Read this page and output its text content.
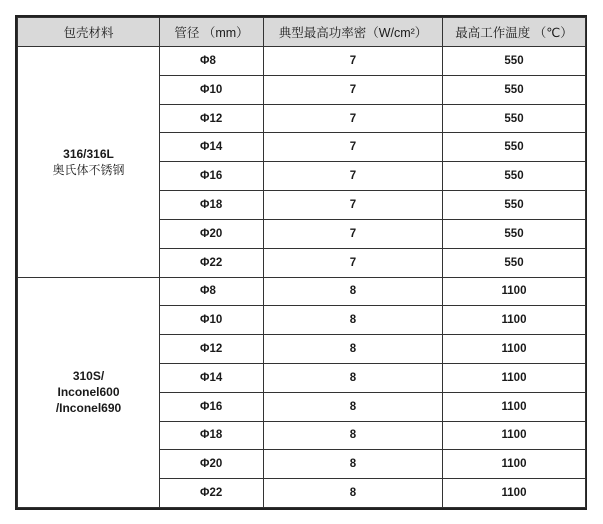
包壳材料	管径 （mm）	典型最高功率密（W/cm²）	最高工作温度 （℃）

316/316L
奥氏体不锈钢	Φ8	7	550
	Φ10	7	550
	Φ12	7	550
	Φ14	7	550
	Φ16	7	550
	Φ18	7	550
	Φ20	7	550
	Φ22	7	550

310S/
Inconel600
/Inconel690	Φ8	8	1100
	Φ10	8	1100
	Φ12	8	1100
	Φ14	8	1100
	Φ16	8	1100
	Φ18	8	1100
	Φ20	8	1100
	Φ22	8	1100
